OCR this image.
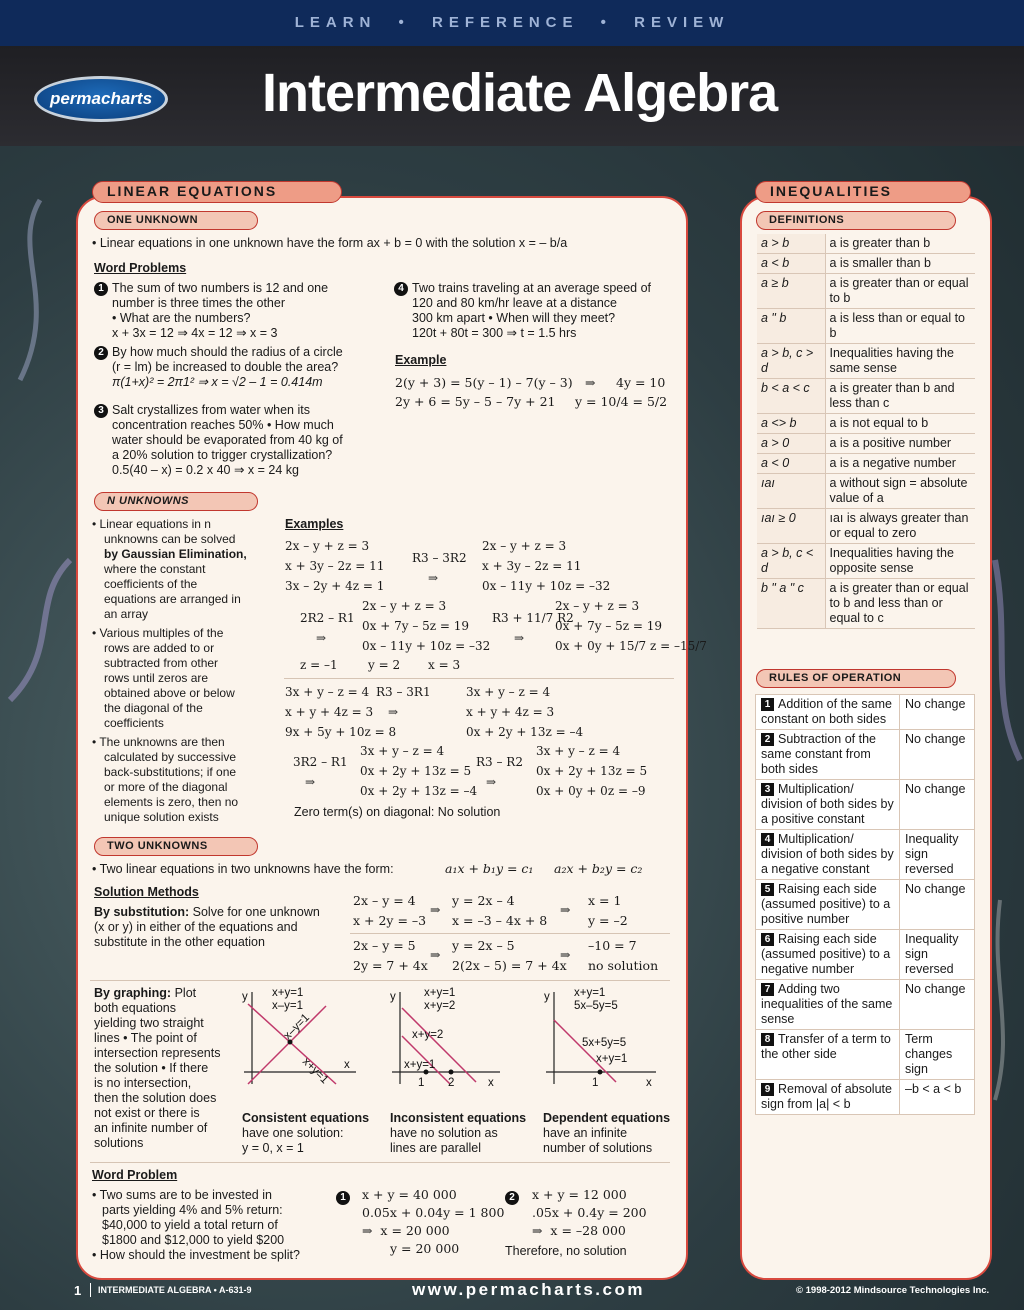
LEARN • REFERENCE • REVIEW
permacharts Intermediate Algebra
LINEAR EQUATIONS
ONE UNKNOWN
• Linear equations in one unknown have the form ax + b = 0 with the solution x = – b/a
Word Problems
1 The sum of two numbers is 12 and one
number is three times the other
• What are the numbers?
x + 3x = 12 ⇒ 4x = 12 ⇒ x = 3
2 By how much should the radius of a circle
(r = lm) be increased to double the area?
π(1+x)² = 2π1² ⇒ x = √2 – 1 = 0.414m
3 Salt crystallizes from water when its
concentration reaches 50% • How much
water should be evaporated from 40 kg of
a 20% solution to trigger crystallization?
0.5(40 – x) = 0.2 x 40 ⇒ x = 24 kg
4 Two trains traveling at an average speed of
120 and 80 km/hr leave at a distance
300 km apart • When will they meet?
120t + 80t = 300 ⇒ t = 1.5 hrs
Example
2(y + 3) = 5(y – 1) – 7(y – 3) ⇒ 4y = 10
2y + 6 = 5y – 5 – 7y + 21 y = 10/4 = 5/2
N UNKNOWNS
• Linear equations in n
unknowns can be solved
by Gaussian Elimination,
where the constant
coefficients of the
equations are arranged in
an array
• Various multiples of the
rows are added to or
subtracted from other
rows until zeros are
obtained above or below
the diagonal of the
coefficients
• The unknowns are then
calculated by successive
back-substitutions; if one
or more of the diagonal
elements is zero, then no
unique solution exists
Examples
2x – y + z = 3
x + 3y – 2z = 11
3x – 2y + 4z = 1
R3 – 3R2
⇒
2x – y + z = 3
x + 3y – 2z = 11
0x – 11y + 10z = –32
2R2 – R1
⇒
2x – y + z = 3
0x + 7y – 5z = 19
0x – 11y + 10z = –32
R3 + 11/7 R2
⇒
2x – y + z = 3
0x + 7y – 5z = 19
0x + 0y + 15/7 z = –15/7
z = –1	y = 2 x = 3
3x + y – z = 4
x + y + 4z = 3
9x + 5y + 10z = 8
R3 – 3R1
⇒
3x + y – z = 4
x + y + 4z = 3
0x + 2y + 13z = –4
3R2 – R1
⇒
3x + y – z = 4
0x + 2y + 13z = 5
0x + 2y + 13z = –4
R3 – R2
⇒
3x + y – z = 4
0x + 2y + 13z = 5
0x + 0y + 0z = –9
Zero term(s) on diagonal: No solution
TWO UNKNOWNS
• Two linear equations in two unknowns have the form:	a₁x + b₁y = c₁ a₂x + b₂y = c₂
Solution Methods
By substitution: Solve for one unknown
(x or y) in either of the equations and
substitute in the other equation
2x – y = 4
x + 2y = –3
⇒
y = 2x – 4
x = –3 – 4x + 8
⇒
x = 1
y = –2
2x – y = 5
2y = 7 + 4x
⇒
y = 2x – 5
2(2x – 5) = 7 + 4x
⇒
–10 = 7
no solution
By graphing: Plot
both equations
yielding two straight
lines • The point of
intersection represents
the solution • If there
is no intersection,
then the solution does
not exist or there is
an infinite number of
solutions
y
x
x+y=1
x–y=1
x–y=1
x+y=1
y
x
x+y=1
x+y=2
x+y=2
x+y=1
1 2
y
x
x+y=1
5x–5y=5
5x+5y=5
x+y=1
1
Consistent equations
have one solution:
y = 0, x = 1
Inconsistent equations
have no solution as
lines are parallel
Dependent equations
have an infinite
number of solutions
Word Problem
• Two sums are to be invested in
parts yielding 4% and 5% return:
$40,000 to yield a total return of
$1800 and $12,000 to yield $200
• How should the investment be split?
1	x + y = 40 000
0.05x + 0.04y = 1 800
⇒  x = 20 000
y = 20 000
2	x + y = 12 000
.05x + 0.4y = 200
⇒  x = –28 000
Therefore, no solution
INEQUALITIES
DEFINITIONS
a > b	a is greater than b
a < b	a is smaller than b
a ≥ b	a is greater than or equal to b
a " b	a is less than or equal to b
a > b, c > d	Inequalities having the same sense
b < a < c	a is greater than b and less than c
a <> b	a is not equal to b
a > 0	a is a positive number
a < 0	a is a negative number
ıaı	a without sign = absolute value of a
ıaı ≥ 0	ıaı is always greater than or equal to zero
a > b, c < d	Inequalities having the opposite sense
b " a " c	a is greater than or equal to b and less than or equal to c
RULES OF OPERATION
1 Addition of the same constant on both sides	No change
2 Subtraction of the same constant from both sides	No change
3 Multiplication/ division of both sides by a positive constant	No change
4 Multiplication/ division of both sides by a negative constant	Inequality sign reversed
5 Raising each side (assumed positive) to a positive number	No change
6 Raising each side (assumed positive) to a negative number	Inequality sign reversed
7 Adding two inequalities of the same sense	No change
8 Transfer of a term to the other side	Term changes sign
9 Removal of absolute sign from |a| < b	–b < a < b
1 INTERMEDIATE ALGEBRA • A-631-9	www.permacharts.com	© 1998-2012 Mindsource Technologies Inc.
